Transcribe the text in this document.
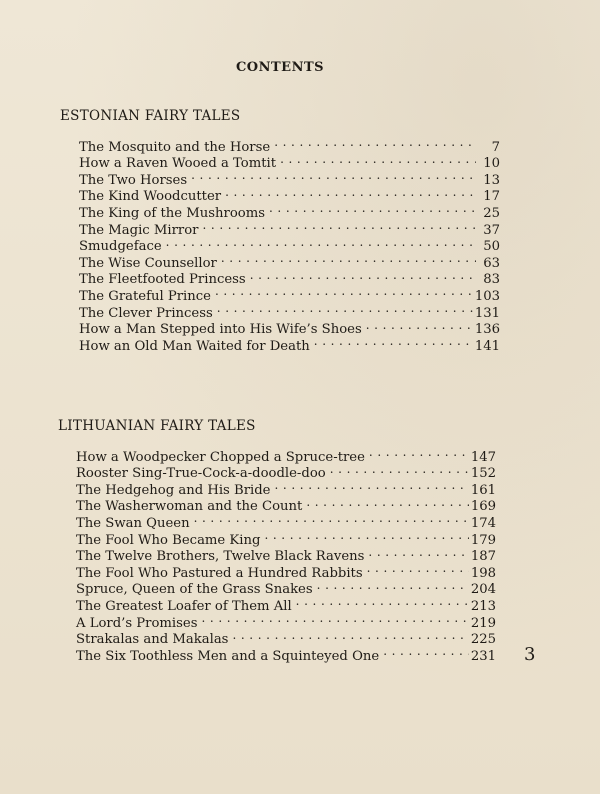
CONTENTS
ESTONIAN FAIRY TALES
The Mosquito and the Horse . . .	7
How a Raven Wooed a Tomtit . . .	10
The Two Horses . . .	13
The Kind Woodcutter . . .	17
The King of the Mushrooms . . .	25
The Magic Mirror . . .	37
Smudgeface . . .	50
The Wise Counsellor . . .	63
The Fleetfooted Princess . . .	83
The Grateful Prince . . .	103
The Clever Princess . . .	131
How a Man Stepped into His Wife’s Shoes . . .	136
How an Old Man Waited for Death . . .	141
LITHUANIAN FAIRY TALES
How a Woodpecker Chopped a Spruce-tree . . .	147
Rooster Sing-True-Cock-a-doodle-doo . . .	152
The Hedgehog and His Bride . . .	161
The Washerwoman and the Count . . .	169
The Swan Queen . . .	174
The Fool Who Became King . . .	179
The Twelve Brothers, Twelve Black Ravens . . .	187
The Fool Who Pastured a Hundred Rabbits . . .	198
Spruce, Queen of the Grass Snakes . . .	204
The Greatest Loafer of Them All . . .	213
A Lord’s Promises . . .	219
Strakalas and Makalas . . .	225
The Six Toothless Men and a Squinteyed One . . .	231 3
